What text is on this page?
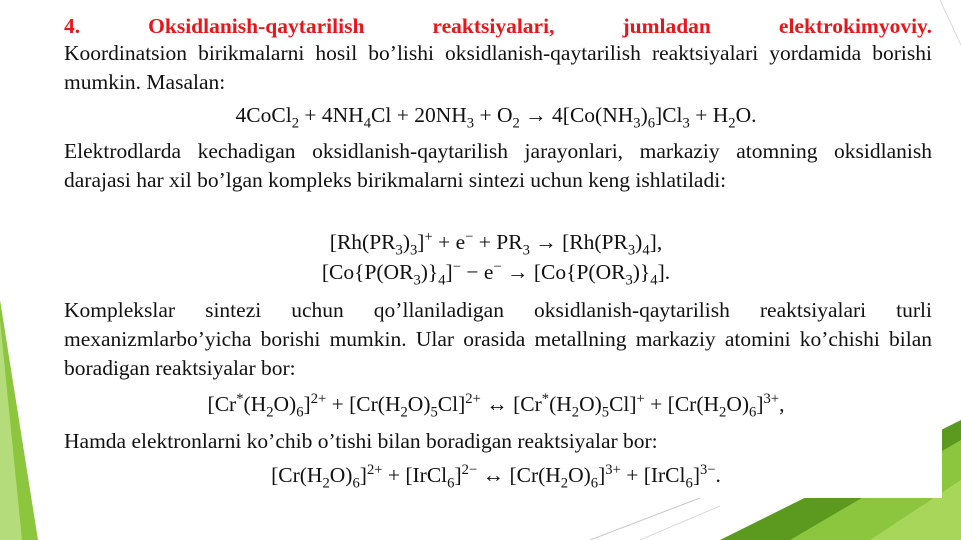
4. Oksidlanish-qaytarilish reaktsiyalari, jumladan elektrokimyoviy.

Koordinatsion birikmalarni hosil bo’lishi oksidlanish-qaytarilish reaktsiyalari yordamida borishi mumkin. Masalan:

4CoCl$_2$ + $4NH_4Cl + 20NH_3 + O_2 \to 4[Co(NH_3)_6]Cl_3 + H_2O$.

Elektrodlarda kechadigan oksidlanish-qaytarilish jarayonlari, markaziy atomning oksidlanish darajasi har xil bo’lgan kompleks birikmalarni sintezi uchun keng ishlatiladi:

$[Rh(PR_3)_3]^+ + e^- + PR_3 \to [Rh(PR_3)_4]$,
$[Co\{P(OR_3)\}_4]^- - e^- \to [Co\{P(OR_3)\}_4]$.

Komplekslar sintezi uchun qo’llaniladigan oksidlanish-qaytarilish reaktsiyalari turli mexanizmlarbo’yicha borishi mumkin. Ular orasida metallning markaziy atomini ko’chishi bilan boradigan reaktsiyalar bor:

$[Cr^*(H_2O)_6]^{2+} + [Cr(H_2O)_5Cl]^{2+}$ ↔ $[Cr^*(H_2O)_5Cl]^+ + [Cr(H_2O)_6]^{3+}$,

Hamda elektronlarni ko’chib o’tishi bilan boradigan reaktsiyalar bor:

$[Cr(H_2O)_6]^{2+}$ + [IrCl$_6$]$^{2-}$ ↔ $[Cr(H_2O)_6]^{3+}$ + [IrCl$_6$]$^{3-}$.
